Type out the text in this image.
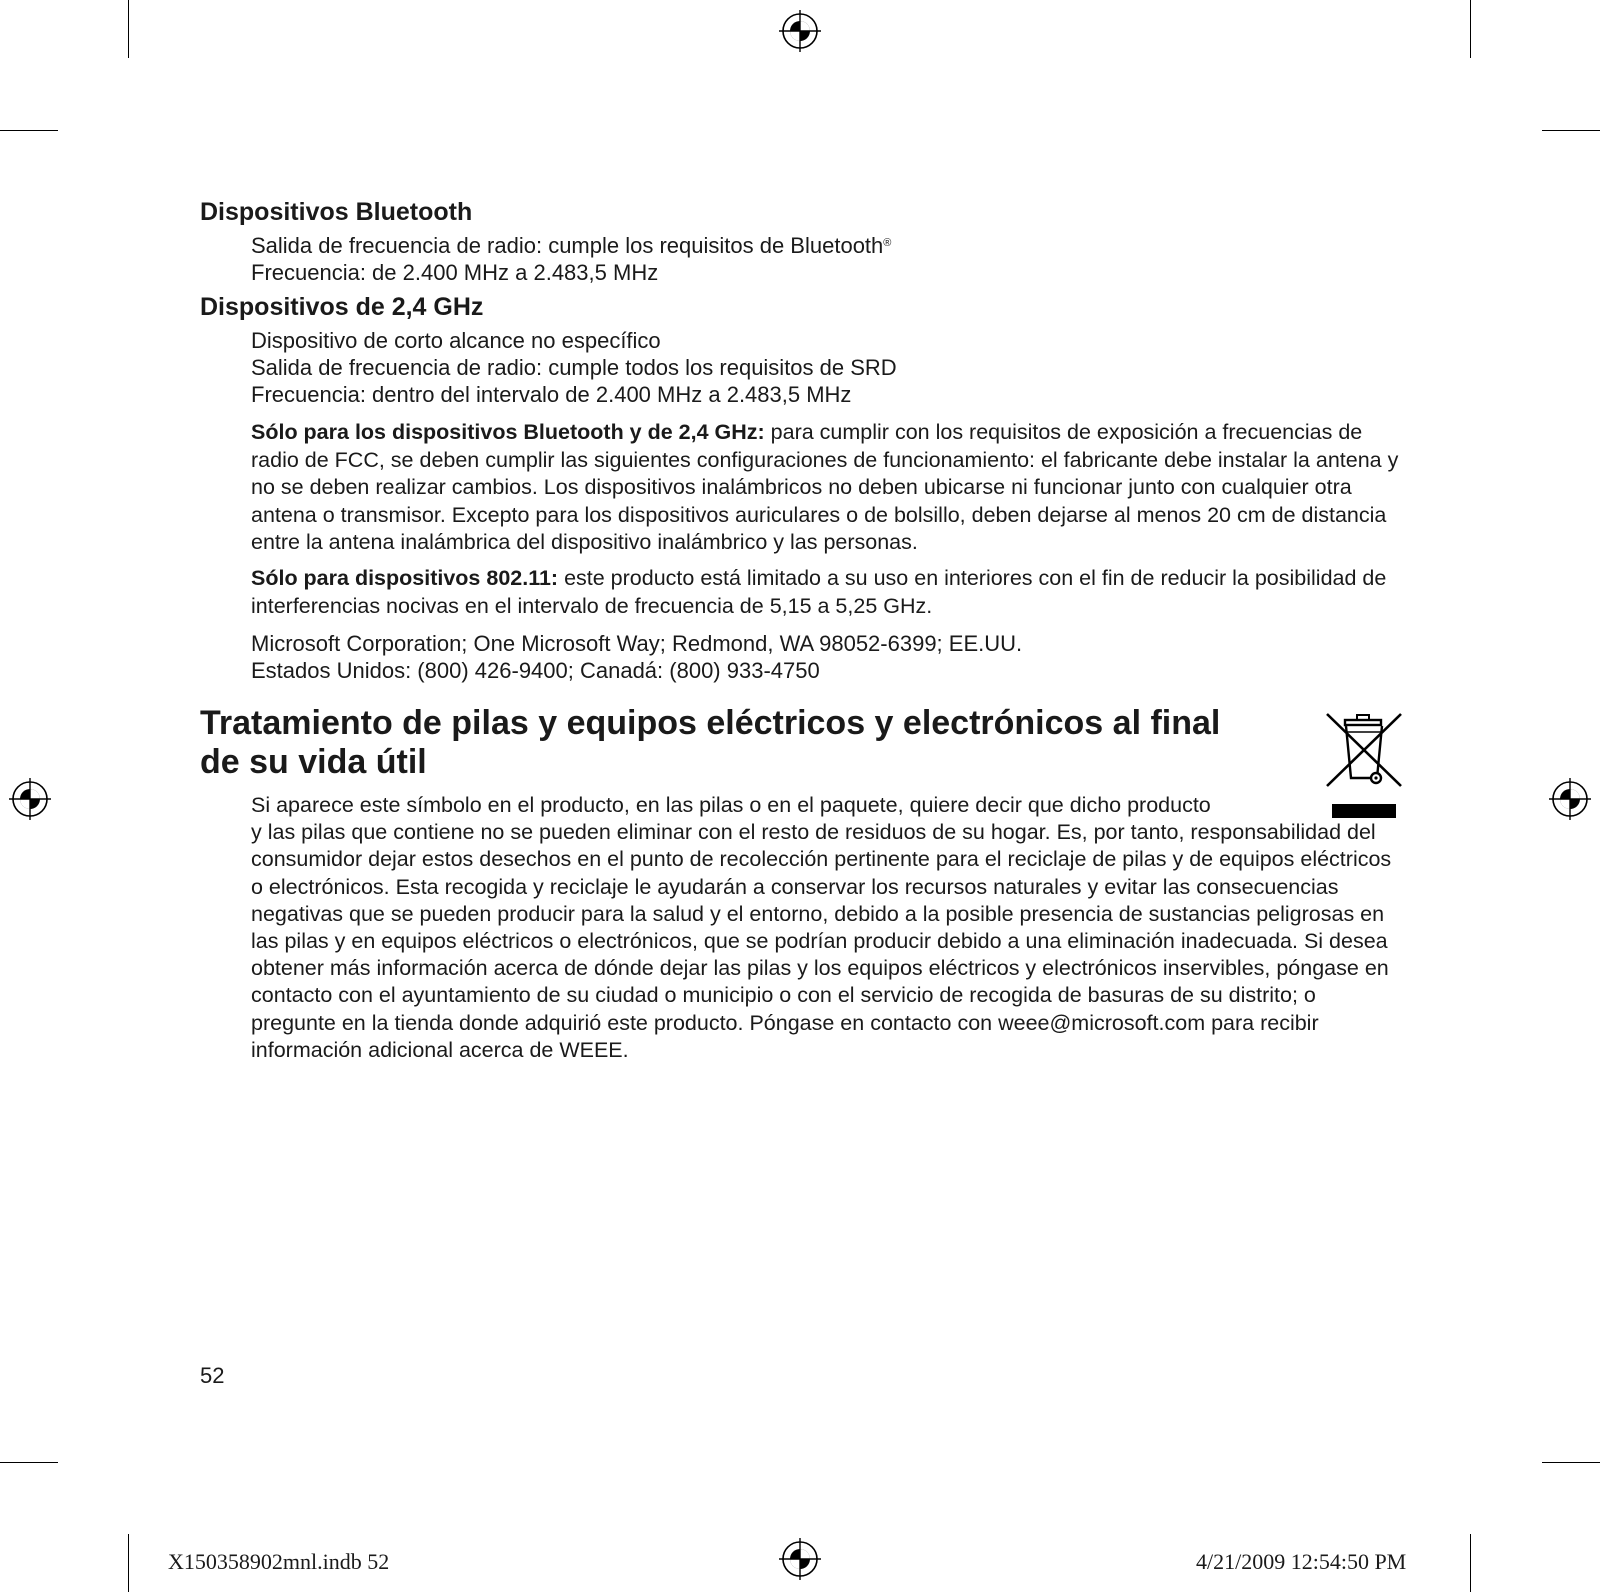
Dispositivos Bluetooth
Salida de frecuencia de radio: cumple los requisitos de Bluetooth®
Frecuencia: de 2.400 MHz a 2.483,5 MHz
Dispositivos de 2,4 GHz
Dispositivo de corto alcance no específico
Salida de frecuencia de radio: cumple todos los requisitos de SRD
Frecuencia: dentro del intervalo de 2.400 MHz a 2.483,5 MHz
Sólo para los dispositivos Bluetooth y de 2,4 GHz: para cumplir con los requisitos de exposición a frecuencias de radio de FCC, se deben cumplir las siguientes configuraciones de funcionamiento: el fabricante debe instalar la antena y no se deben realizar cambios. Los dispositivos inalámbricos no deben ubicarse ni funcionar junto con cualquier otra antena o transmisor. Excepto para los dispositivos auriculares o de bolsillo, deben dejarse al menos 20 cm de distancia entre la antena inalámbrica del dispositivo inalámbrico y las personas.
Sólo para dispositivos 802.11: este producto está limitado a su uso en interiores con el fin de reducir la posibilidad de interferencias nocivas en el intervalo de frecuencia de 5,15 a 5,25 GHz.
Microsoft Corporation; One Microsoft Way; Redmond, WA 98052-6399; EE.UU.
Estados Unidos: (800) 426-9400; Canadá: (800) 933-4750
Tratamiento de pilas y equipos eléctricos y electrónicos al final de su vida útil
Si aparece este símbolo en el producto, en las pilas o en el paquete, quiere decir que dicho producto
y las pilas que contiene no se pueden eliminar con el resto de residuos de su hogar. Es, por tanto, responsabilidad del consumidor dejar estos desechos en el punto de recolección pertinente para el reciclaje de pilas y de equipos eléctricos o electrónicos. Esta recogida y reciclaje le ayudarán a conservar los recursos naturales y evitar las consecuencias negativas que se pueden producir para la salud y el entorno, debido a la posible presencia de sustancias peligrosas en las pilas y en equipos eléctricos o electrónicos, que se podrían producir debido a una eliminación inadecuada. Si desea obtener más información acerca de dónde dejar las pilas y los equipos eléctricos y electrónicos inservibles, póngase en contacto con el ayuntamiento de su ciudad o municipio o con el servicio de recogida de basuras de su distrito; o pregunte en la tienda donde adquirió este producto. Póngase en contacto con weee@microsoft.com para recibir información adicional acerca de WEEE.
52
X150358902mnl.indb 52	4/21/2009 12:54:50 PM
